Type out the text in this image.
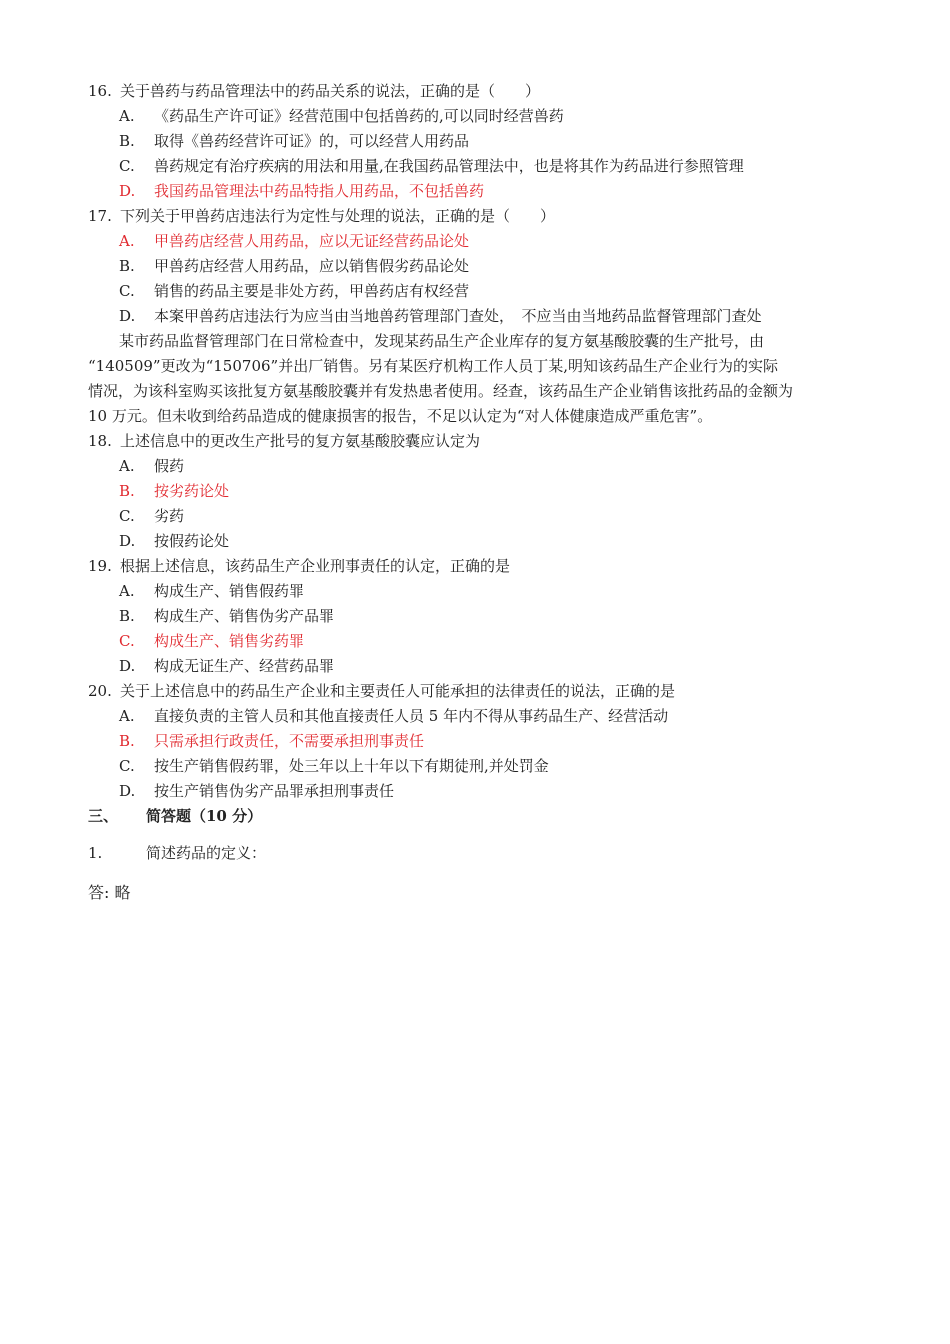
16. 关于兽药与药品管理法中的药品关系的说法，正确的是（　　）
A. 《药品生产许可证》经营范围中包括兽药的,可以同时经营兽药
B. 取得《兽药经营许可证》的，可以经营人用药品
C. 兽药规定有治疗疾病的用法和用量,在我国药品管理法中，也是将其作为药品进行参照管理
D. 我国药品管理法中药品特指人用药品，不包括兽药
17. 下列关于甲兽药店违法行为定性与处理的说法，正确的是（　　）
A. 甲兽药店经营人用药品，应以无证经营药品论处
B. 甲兽药店经营人用药品，应以销售假劣药品论处
C. 销售的药品主要是非处方药，甲兽药店有权经营
D. 本案甲兽药店违法行为应当由当地兽药管理部门查处，　不应当由当地药品监督管理部门查处
某市药品监督管理部门在日常检查中，发现某药品生产企业库存的复方氨基酸胶囊的生产批号，由
“140509”更改为“150706”并出厂销售。另有某医疗机构工作人员丁某,明知该药品生产企业行为的实际
情况，为该科室购买该批复方氨基酸胶囊并有发热患者使用。经查，该药品生产企业销售该批药品的金额为
10 万元。但未收到给药品造成的健康损害的报告，不足以认定为“对人体健康造成严重危害”。
18. 上述信息中的更改生产批号的复方氨基酸胶囊应认定为
A. 假药
B. 按劣药论处
C. 劣药
D. 按假药论处
19. 根据上述信息，该药品生产企业刑事责任的认定，正确的是
A. 构成生产、销售假药罪
B. 构成生产、销售伪劣产品罪
C. 构成生产、销售劣药罪
D. 构成无证生产、经营药品罪
20. 关于上述信息中的药品生产企业和主要责任人可能承担的法律责任的说法，正确的是
A. 直接负责的主管人员和其他直接责任人员 5 年内不得从事药品生产、经营活动
B. 只需承担行政责任，不需要承担刑事责任
C. 按生产销售假药罪，处三年以上十年以下有期徒刑,并处罚金
D. 按生产销售伪劣产品罪承担刑事责任
三、 简答题（10 分）
1.	简述药品的定义：
答: 略
